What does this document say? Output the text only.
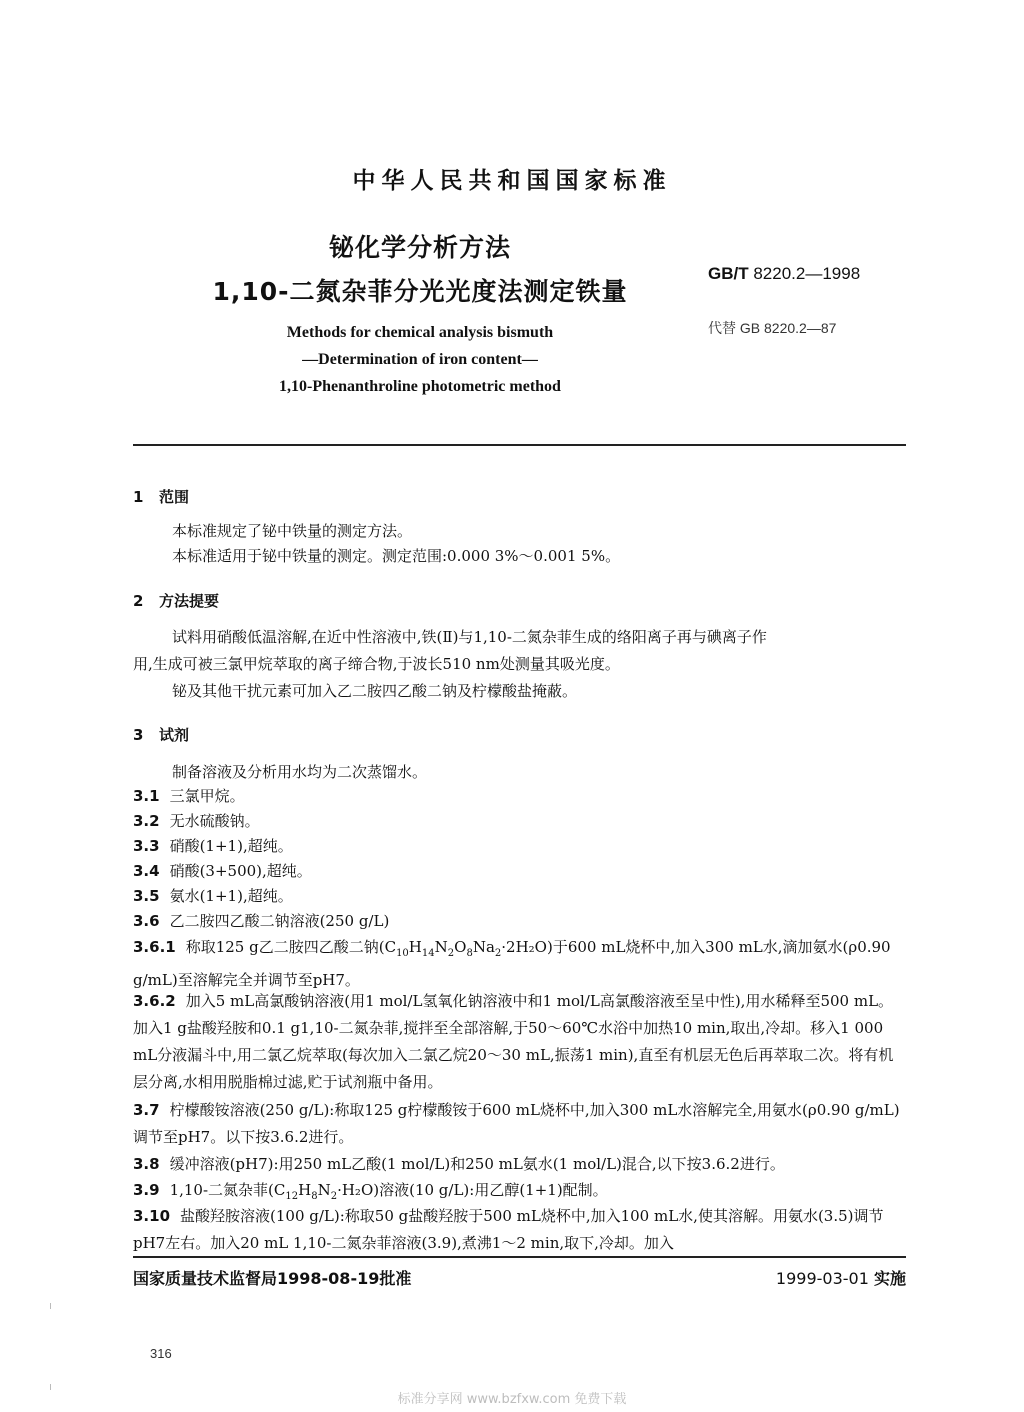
中华人民共和国国家标准
铋化学分析方法
1,10-二氮杂菲分光光度法测定铁量
GB/T 8220.2—1998
代替 GB 8220.2—87
Methods for chemical analysis bismuth
—Determination of iron content—
1,10-Phenanthroline photometric method
1 范围
本标准规定了铋中铁量的测定方法。
本标准适用于铋中铁量的测定。测定范围:0.000 3%～0.001 5%。
2 方法提要
试料用硝酸低温溶解,在近中性溶液中,铁(Ⅱ)与1,10-二氮杂菲生成的络阳离子再与碘离子作
用,生成可被三氯甲烷萃取的离子缔合物,于波长510 nm处测量其吸光度。
铋及其他干扰元素可加入乙二胺四乙酸二钠及柠檬酸盐掩蔽。
3 试剂
制备溶液及分析用水均为二次蒸馏水。
3.1 三氯甲烷。
3.2 无水硫酸钠。
3.3 硝酸(1+1),超纯。
3.4 硝酸(3+500),超纯。
3.5 氨水(1+1),超纯。
3.6 乙二胺四乙酸二钠溶液(250 g/L)
3.6.1 称取125 g乙二胺四乙酸二钠$(C_{10}H_{14}N_2O_8Na_2\cdot 2H_2O)$于600 mL烧杯中,加入300 mL水,滴加氨水(ρ0.90 g/mL)至溶解完全并调节至pH7。
3.6.2 加入5 mL高氯酸钠溶液(用1 mol/L氢氧化钠溶液中和1 mol/L高氯酸溶液至呈中性),用水稀释至500 mL。加入1 g盐酸羟胺和0.1 g1,10-二氮杂菲,搅拌至全部溶解,于50～60℃水浴中加热10 min,取出,冷却。移入1 000 mL分液漏斗中,用二氯乙烷萃取(每次加入二氯乙烷20～30 mL,振荡1 min),直至有机层无色后再萃取二次。将有机层分离,水相用脱脂棉过滤,贮于试剂瓶中备用。
3.7 柠檬酸铵溶液(250 g/L):称取125 g柠檬酸铵于600 mL烧杯中,加入300 mL水溶解完全,用氨水(ρ0.90 g/mL)调节至pH7。以下按3.6.2进行。
3.8 缓冲溶液(pH7):用250 mL乙酸(1 mol/L)和250 mL氨水(1 mol/L)混合,以下按3.6.2进行。
3.9 1,10-二氮杂菲$(C_{12}H_8N_2\cdot H_2O)$溶液(10 g/L):用乙醇(1+1)配制。
3.10 盐酸羟胺溶液(100 g/L):称取50 g盐酸羟胺于500 mL烧杯中,加入100 mL水,使其溶解。用氨水(3.5)调节pH7左右。加入20 mL 1,10-二氮杂菲溶液(3.9),煮沸1～2 min,取下,冷却。加入
国家质量技术监督局1998-08-19批准	1999-03-01 实施
316
标准分享网 www.bzfxw.com 免费下载
